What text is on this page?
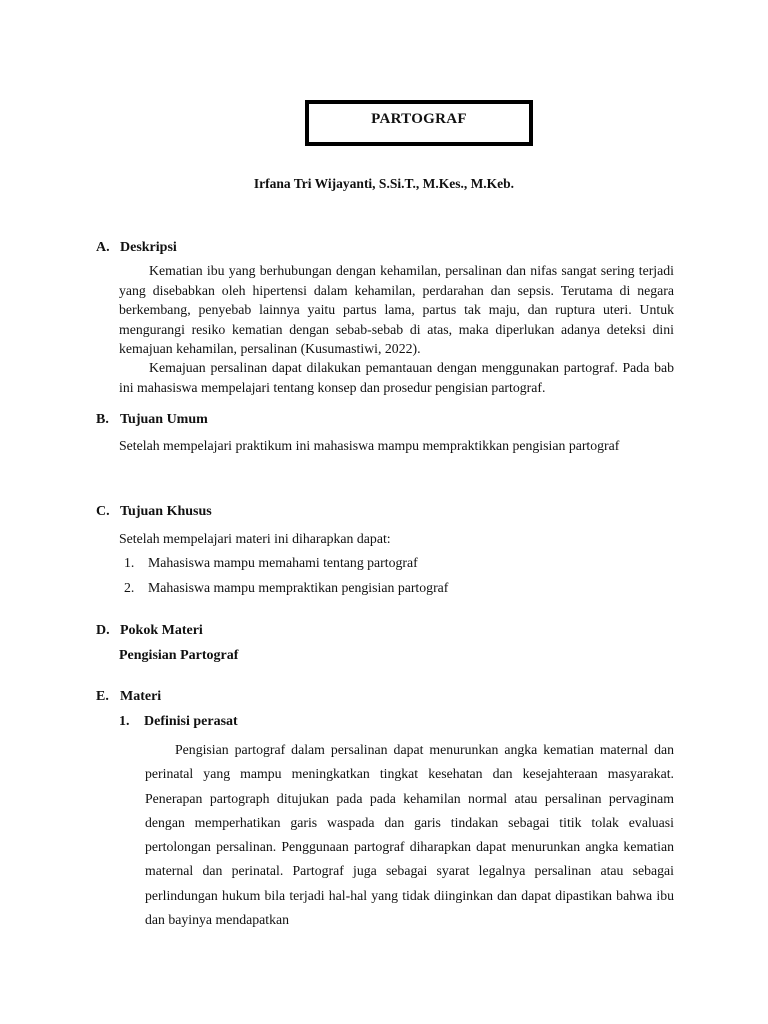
PARTOGRAF
Irfana Tri Wijayanti, S.Si.T., M.Kes., M.Keb.
A. Deskripsi
Kematian ibu yang berhubungan dengan kehamilan, persalinan dan nifas sangat sering terjadi yang disebabkan oleh hipertensi dalam kehamilan, perdarahan dan sepsis. Terutama di negara berkembang, penyebab lainnya yaitu partus lama, partus tak maju, dan ruptura uteri. Untuk mengurangi resiko kematian dengan sebab-sebab di atas, maka diperlukan adanya deteksi dini kemajuan kehamilan, persalinan (Kusumastiwi, 2022).
Kemajuan persalinan dapat dilakukan pemantauan dengan menggunakan partograf. Pada bab ini mahasiswa mempelajari tentang konsep dan prosedur pengisian partograf.
B. Tujuan Umum
Setelah mempelajari praktikum ini mahasiswa mampu mempraktikkan pengisian partograf
C. Tujuan Khusus
Setelah mempelajari materi ini diharapkan dapat:
1. Mahasiswa mampu memahami tentang partograf
2. Mahasiswa mampu mempraktikan pengisian partograf
D. Pokok Materi
Pengisian Partograf
E. Materi
1. Definisi perasat
Pengisian partograf dalam persalinan dapat menurunkan angka kematian maternal dan perinatal yang mampu meningkatkan tingkat kesehatan dan kesejahteraan masyarakat. Penerapan partograph ditujukan pada pada kehamilan normal atau persalinan pervaginam dengan memperhatikan garis waspada dan garis tindakan sebagai titik tolak evaluasi pertolongan persalinan. Penggunaan partograf diharapkan dapat menurunkan angka kematian maternal dan perinatal. Partograf juga sebagai syarat legalnya persalinan atau sebagai perlindungan hukum bila terjadi hal-hal yang tidak diinginkan dan dapat dipastikan bahwa ibu dan bayinya mendapatkan
